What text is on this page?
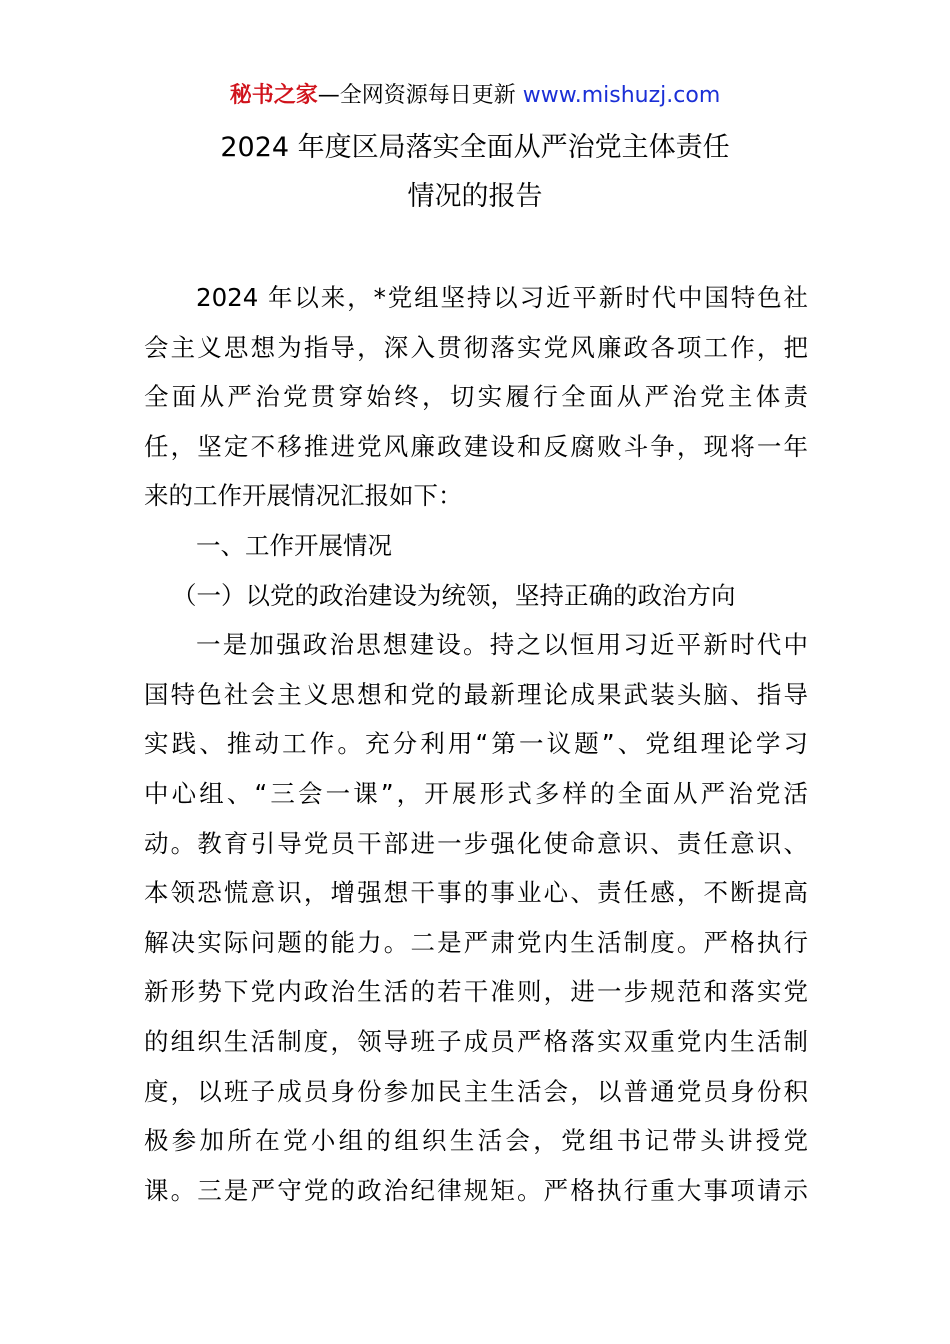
秘书之家—全网资源每日更新 www.mishuzj.com
2024 年度区局落实全面从严治党主体责任
情况的报告
2024 年以来，*党组坚持以习近平新时代中国特色社
会主义思想为指导，深入贯彻落实党风廉政各项工作，把
全面从严治党贯穿始终，切实履行全面从严治党主体责
任，坚定不移推进党风廉政建设和反腐败斗争，现将一年
来的工作开展情况汇报如下：
一、工作开展情况
（一）以党的政治建设为统领，坚持正确的政治方向
一是加强政治思想建设。持之以恒用习近平新时代中
国特色社会主义思想和党的最新理论成果武装头脑、指导
实践、推动工作。充分利用“第一议题”、党组理论学习
中心组、“三会一课”，开展形式多样的全面从严治党活
动。教育引导党员干部进一步强化使命意识、责任意识、
本领恐慌意识，增强想干事的事业心、责任感，不断提高
解决实际问题的能力。二是严肃党内生活制度。严格执行
新形势下党内政治生活的若干准则，进一步规范和落实党
的组织生活制度，领导班子成员严格落实双重党内生活制
度，以班子成员身份参加民主生活会，以普通党员身份积
极参加所在党小组的组织生活会，党组书记带头讲授党
课。三是严守党的政治纪律规矩。严格执行重大事项请示
